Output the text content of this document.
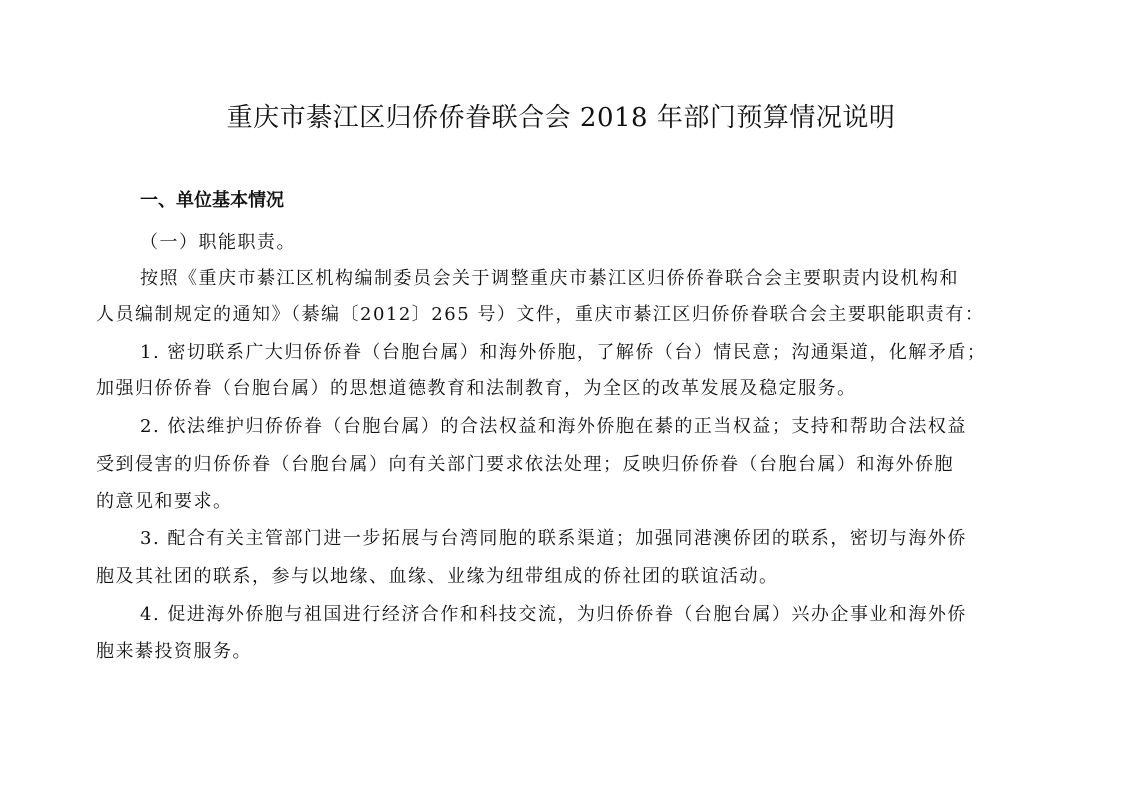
重庆市綦江区归侨侨眷联合会 2018 年部门预算情况说明
一、单位基本情况

（一）职能职责。

按照《重庆市綦江区机构编制委员会关于调整重庆市綦江区归侨侨眷联合会主要职责内设机构和

人员编制规定的通知》（綦编〔2012〕265 号）文件，重庆市綦江区归侨侨眷联合会主要职能职责有：

1. 密切联系广大归侨侨眷（台胞台属）和海外侨胞，了解侨（台）情民意；沟通渠道，化解矛盾；

加强归侨侨眷（台胞台属）的思想道德教育和法制教育，为全区的改革发展及稳定服务。

2. 依法维护归侨侨眷（台胞台属）的合法权益和海外侨胞在綦的正当权益；支持和帮助合法权益

受到侵害的归侨侨眷（台胞台属）向有关部门要求依法处理；反映归侨侨眷（台胞台属）和海外侨胞

的意见和要求。

3. 配合有关主管部门进一步拓展与台湾同胞的联系渠道；加强同港澳侨团的联系，密切与海外侨

胞及其社团的联系，参与以地缘、血缘、业缘为纽带组成的侨社团的联谊活动。

4. 促进海外侨胞与祖国进行经济合作和科技交流，为归侨侨眷（台胞台属）兴办企事业和海外侨

胞来綦投资服务。
